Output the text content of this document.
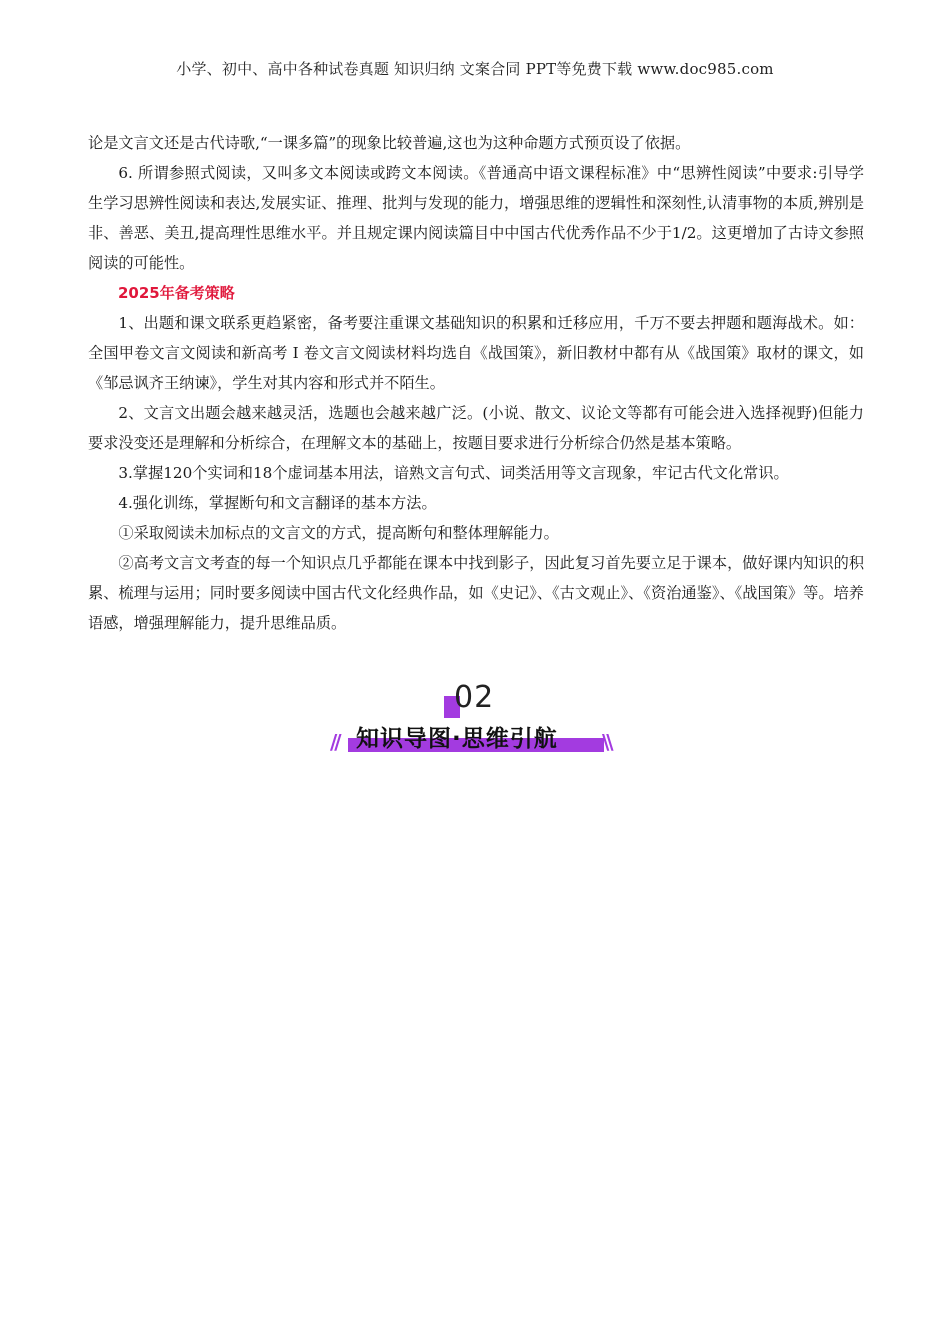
小学、初中、高中各种试卷真题 知识归纳 文案合同 PPT等免费下载 www.doc985.com

论是文言文还是古代诗歌,“一课多篇”的现象比较普遍,这也为这种命题方式预页设了依据。

6. 所谓参照式阅读，又叫多文本阅读或跨文本阅读。《普通高中语文课程标准》中“思辨性阅读”中要求:引导学生学习思辨性阅读和表达,发展实证、推理、批判与发现的能力，增强思维的逻辑性和深刻性,认清事物的本质,辨别是非、善恶、美丑,提高理性思维水平。并且规定课内阅读篇目中中国古代优秀作品不少于1/2。这更增加了古诗文参照阅读的可能性。

2025年备考策略

1、出题和课文联系更趋紧密，备考要注重课文基础知识的积累和迁移应用，千万不要去押题和题海战术。如：全国甲卷文言文阅读和新高考 I 卷文言文阅读材料均选自《战国策》，新旧教材中都有从《战国策》取材的课文，如《邹忌讽齐王纳谏》，学生对其内容和形式并不陌生。

2、文言文出题会越来越灵活，选题也会越来越广泛。(小说、散文、议论文等都有可能会进入选择视野)但能力要求没变还是理解和分析综合，在理解文本的基础上，按题目要求进行分析综合仍然是基本策略。

3.掌握120个实词和18个虚词基本用法，谙熟文言句式、词类活用等文言现象，牢记古代文化常识。

4.强化训练，掌握断句和文言翻译的基本方法。

①采取阅读未加标点的文言文的方式，提高断句和整体理解能力。

②高考文言文考查的每一个知识点几乎都能在课本中找到影子，因此复习首先要立足于课本，做好课内知识的积累、梳理与运用；同时要多阅读中国古代文化经典作品，如《史记》、《古文观止》、《资治通鉴》、《战国策》等。培养语感，增强理解能力，提升思维品质。

02
// 知识导图·思维引航	\\
